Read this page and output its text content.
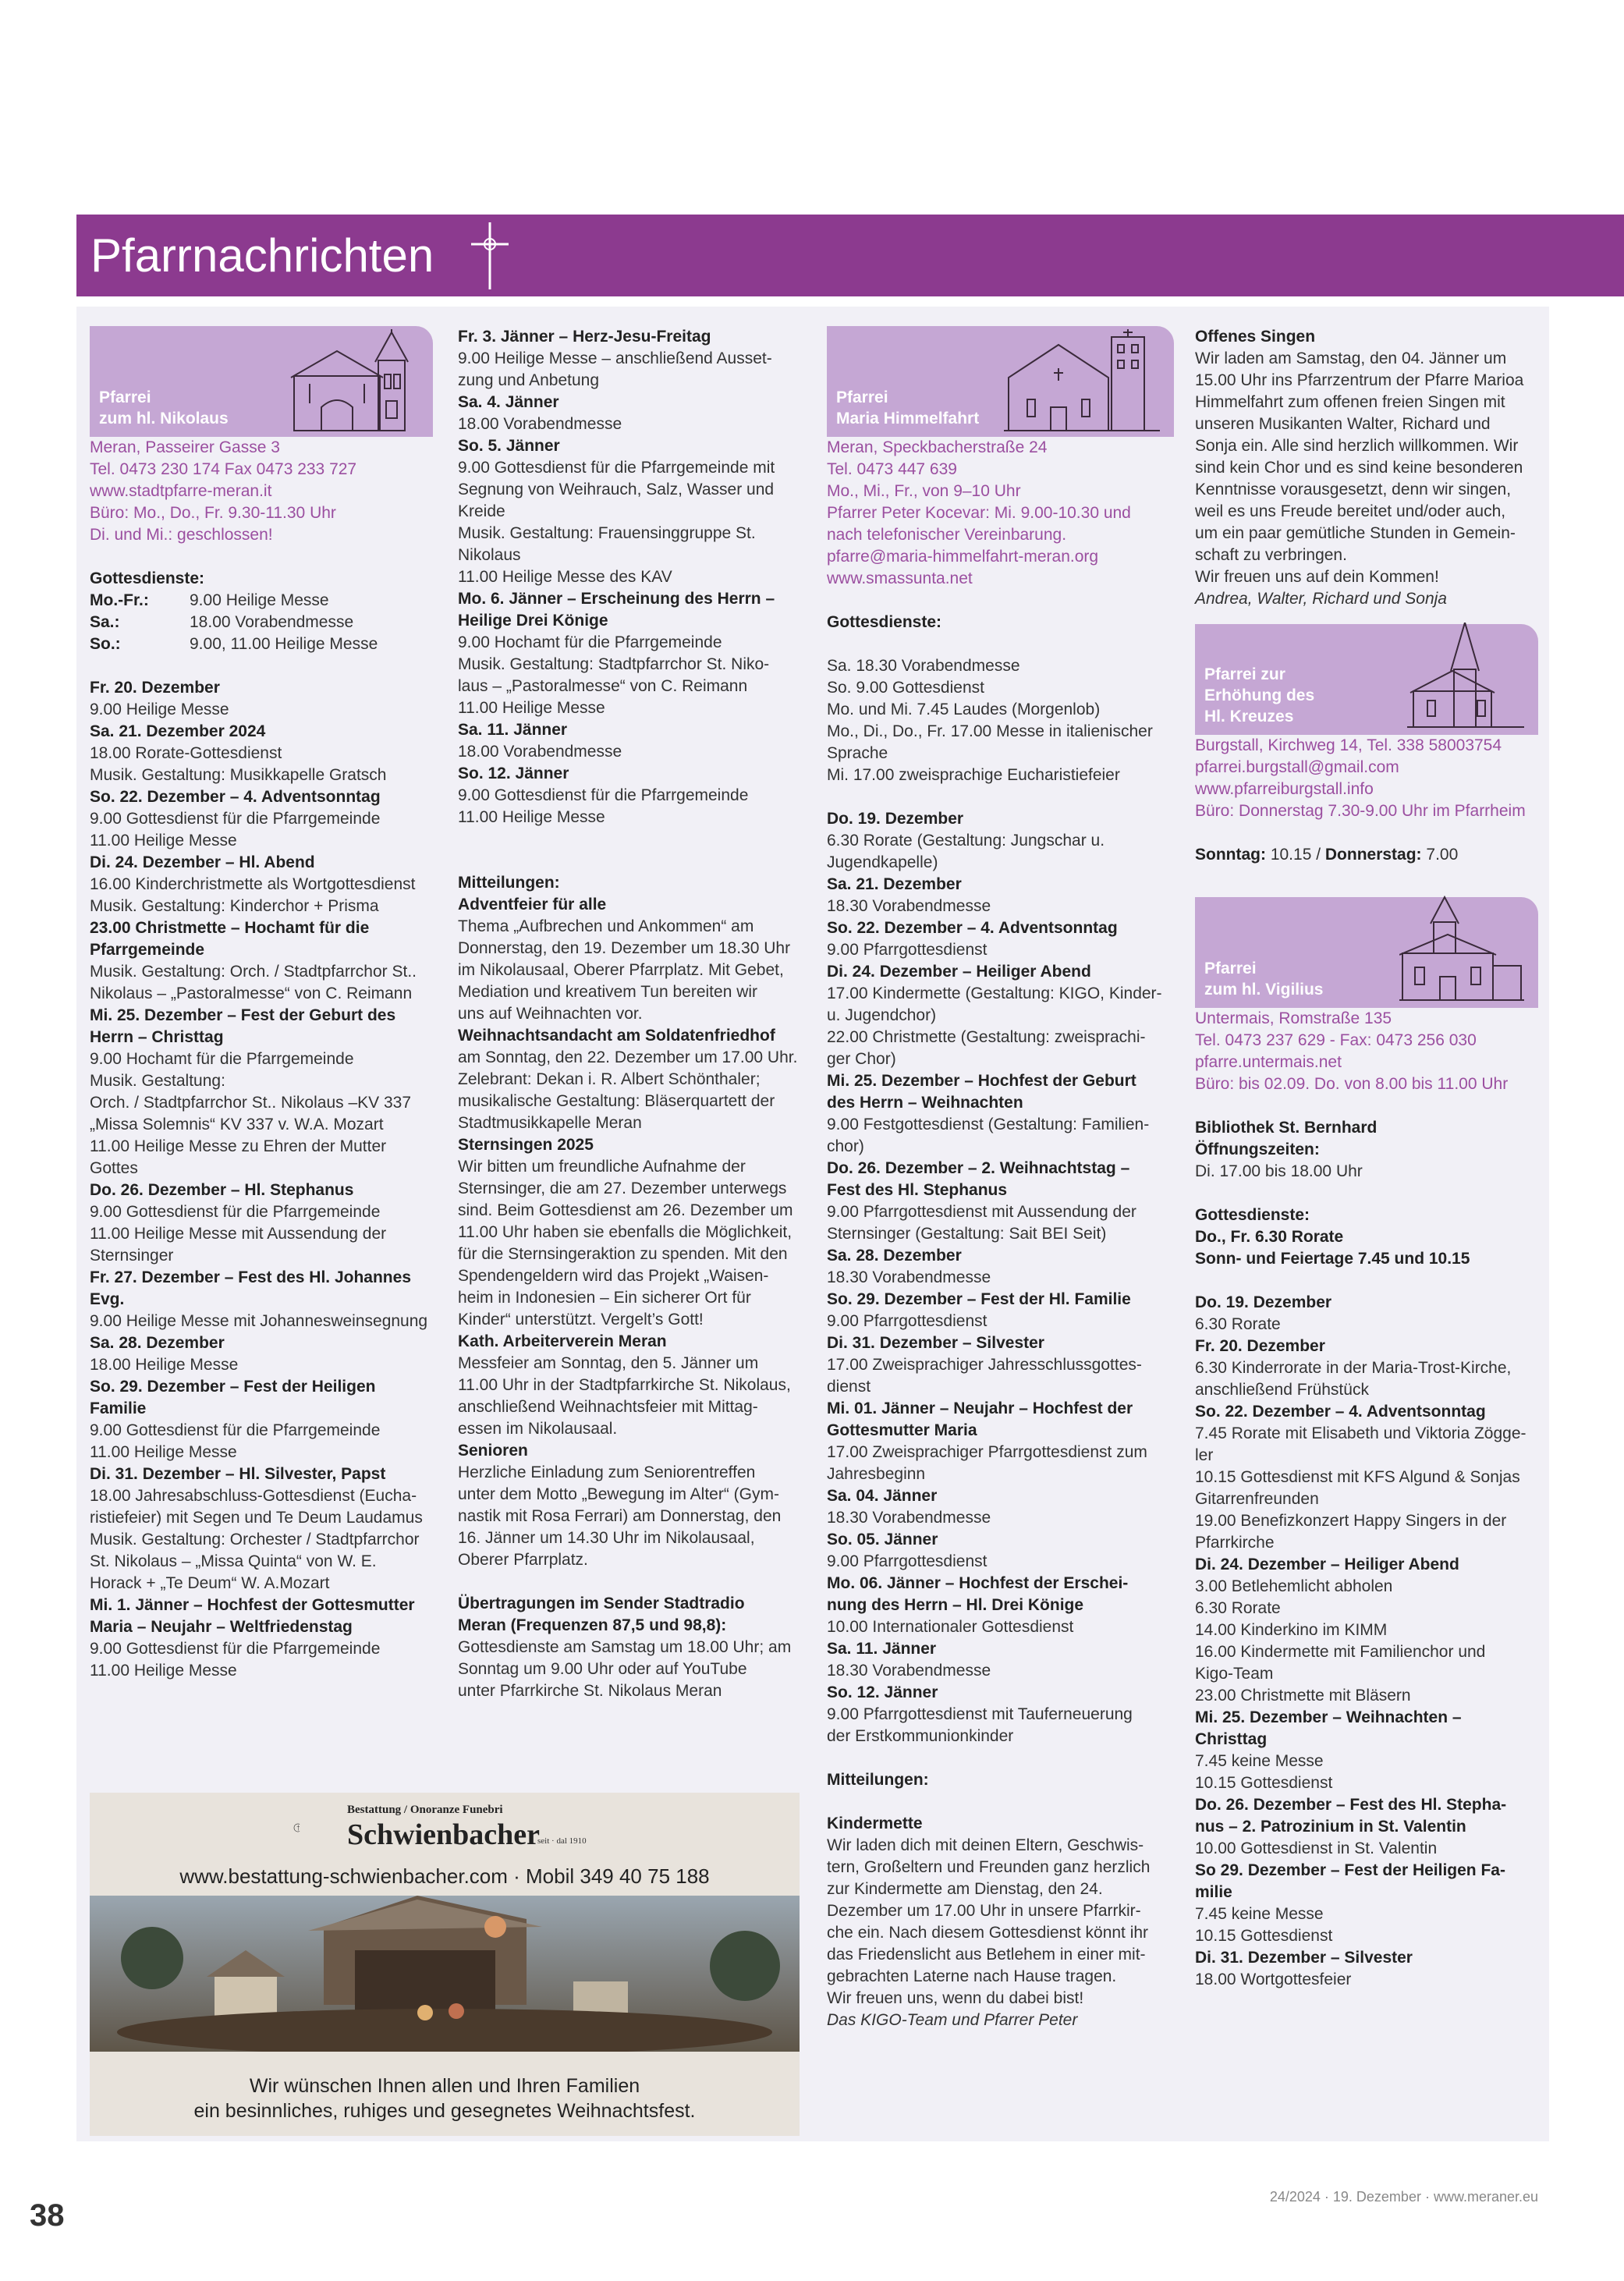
Pfarrnachrichten
Pfarrei
zum hl. Nikolaus
Meran, Passeirer Gasse 3
Tel. 0473 230 174 Fax 0473 233 727
www.stadtpfarre-meran.it
Büro: Mo., Do., Fr. 9.30-11.30 Uhr
Di. und Mi.: geschlossen!
Gottesdienste:
Mo.-Fr.:	9.00 Heilige Messe
Sa.:	18.00 Vorabendmesse
So.:	9.00, 11.00 Heilige Messe
Fr. 20. Dezember
9.00 Heilige Messe
Sa. 21. Dezember 2024
18.00 Rorate-Gottesdienst
Musik. Gestaltung: Musikkapelle Gratsch
So. 22. Dezember – 4. Adventsonntag
9.00 Gottesdienst für die Pfarrgemeinde
11.00 Heilige Messe
Di. 24. Dezember – Hl. Abend
16.00 Kinderchristmette als Wortgottesdienst
Musik. Gestaltung: Kinderchor + Prisma
23.00 Christmette – Hochamt für die
Pfarrgemeinde
Musik. Gestaltung: Orch. / Stadtpfarrchor St..
Nikolaus – „Pastoralmesse“ von C. Reimann
Mi. 25. Dezember – Fest der Geburt des
Herrn – Christtag
9.00 Hochamt für die Pfarrgemeinde
Musik. Gestaltung:
Orch. / Stadtpfarrchor St.. Nikolaus –KV 337
„Missa Solemnis“ KV 337 v. W.A. Mozart
11.00 Heilige Messe zu Ehren der Mutter
Gottes
Do. 26. Dezember – Hl. Stephanus
9.00 Gottesdienst für die Pfarrgemeinde
11.00 Heilige Messe mit Aussendung der
Sternsinger
Fr. 27. Dezember – Fest des Hl. Johannes
Evg.
9.00 Heilige Messe mit Johannesweinsegnung
Sa. 28. Dezember
18.00 Heilige Messe
So. 29. Dezember – Fest der Heiligen
Familie
9.00 Gottesdienst für die Pfarrgemeinde
11.00 Heilige Messe
Di. 31. Dezember – Hl. Silvester, Papst
18.00 Jahresabschluss-Gottesdienst (Eucha-
ristiefeier) mit Segen und Te Deum Laudamus
Musik. Gestaltung: Orchester / Stadtpfarrchor
St. Nikolaus – „Missa Quinta“ von W. E.
Horack + „Te Deum“ W. A.Mozart
Mi. 1. Jänner – Hochfest der Gottesmutter
Maria – Neujahr – Weltfriedenstag
9.00 Gottesdienst für die Pfarrgemeinde
11.00 Heilige Messe
Fr. 3. Jänner – Herz-Jesu-Freitag
9.00 Heilige Messe – anschließend Ausset-
zung und Anbetung
Sa. 4. Jänner
18.00 Vorabendmesse
So. 5. Jänner
9.00 Gottesdienst für die Pfarrgemeinde mit
Segnung von Weihrauch, Salz, Wasser und
Kreide
Musik. Gestaltung: Frauensinggruppe St.
Nikolaus
11.00 Heilige Messe des KAV
Mo. 6. Jänner – Erscheinung des Herrn –
Heilige Drei Könige
9.00 Hochamt für die Pfarrgemeinde
Musik. Gestaltung: Stadtpfarrchor St. Niko-
laus – „Pastoralmesse“ von C. Reimann
11.00 Heilige Messe
Sa. 11. Jänner
18.00 Vorabendmesse
So. 12. Jänner
9.00 Gottesdienst für die Pfarrgemeinde
11.00 Heilige Messe
Mitteilungen:
Adventfeier für alle
Thema „Aufbrechen und Ankommen“ am
Donnerstag, den 19. Dezember um 18.30 Uhr
im Nikolausaal, Oberer Pfarrplatz. Mit Gebet,
Mediation und kreativem Tun bereiten wir
uns auf Weihnachten vor.
Weihnachtsandacht am Soldatenfriedhof
am Sonntag, den 22. Dezember um 17.00 Uhr.
Zelebrant: Dekan i. R. Albert Schönthaler;
musikalische Gestaltung: Bläserquartett der
Stadtmusikkapelle Meran
Sternsingen 2025
Wir bitten um freundliche Aufnahme der
Sternsinger, die am 27. Dezember unterwegs
sind. Beim Gottesdienst am 26. Dezember um
11.00 Uhr haben sie ebenfalls die Möglichkeit,
für die Sternsingeraktion zu spenden. Mit den
Spendengeldern wird das Projekt „Waisen-
heim in Indonesien – Ein sicherer Ort für
Kinder“ unterstützt. Vergelt’s Gott!
Kath. Arbeiterverein Meran
Messfeier am Sonntag, den 5. Jänner um
11.00 Uhr in der Stadtpfarrkirche St. Nikolaus,
anschließend Weihnachtsfeier mit Mittag-
essen im Nikolausaal.
Senioren
Herzliche Einladung zum Seniorentreffen
unter dem Motto „Bewegung im Alter“ (Gym-
nastik mit Rosa Ferrari) am Donnerstag, den
16. Jänner um 14.30 Uhr im Nikolausaal,
Oberer Pfarrplatz.
Übertragungen im Sender Stadtradio
Meran (Frequenzen 87,5 und 98,8):
Gottesdienste am Samstag um 18.00 Uhr; am
Sonntag um 9.00 Uhr oder auf YouTube
unter Pfarrkirche St. Nikolaus Meran
Pfarrei
Maria Himmelfahrt
Meran, Speckbacherstraße 24
Tel. 0473 447 639
Mo., Mi., Fr., von 9–10 Uhr
Pfarrer Peter Kocevar: Mi. 9.00-10.30 und
nach telefonischer Vereinbarung.
pfarre@maria-himmelfahrt-meran.org
www.smassunta.net
Gottesdienste:
Sa. 18.30 Vorabendmesse
So. 9.00 Gottesdienst
Mo. und Mi. 7.45 Laudes (Morgenlob)
Mo., Di., Do., Fr. 17.00 Messe in italienischer
Sprache
Mi. 17.00 zweisprachige Eucharistiefeier
Do. 19. Dezember
6.30 Rorate (Gestaltung: Jungschar u.
Jugendkapelle)
Sa. 21. Dezember
18.30 Vorabendmesse
So. 22. Dezember – 4. Adventsonntag
9.00 Pfarrgottesdienst
Di. 24. Dezember – Heiliger Abend
17.00 Kindermette (Gestaltung: KIGO, Kinder-
u. Jugendchor)
22.00 Christmette (Gestaltung: zweisprachi-
ger Chor)
Mi. 25. Dezember – Hochfest der Geburt
des Herrn – Weihnachten
9.00 Festgottesdienst (Gestaltung: Familien-
chor)
Do. 26. Dezember – 2. Weihnachtstag –
Fest des Hl. Stephanus
9.00 Pfarrgottesdienst mit Aussendung der
Sternsinger (Gestaltung: Sait BEI Seit)
Sa. 28. Dezember
18.30 Vorabendmesse
So. 29. Dezember – Fest der Hl. Familie
9.00 Pfarrgottesdienst
Di. 31. Dezember – Silvester
17.00 Zweisprachiger Jahresschlussgottes-
dienst
Mi. 01. Jänner – Neujahr – Hochfest der
Gottesmutter Maria
17.00 Zweisprachiger Pfarrgottesdienst zum
Jahresbeginn
Sa. 04. Jänner
18.30 Vorabendmesse
So. 05. Jänner
9.00 Pfarrgottesdienst
Mo. 06. Jänner – Hochfest der Erschei-
nung des Herrn – Hl. Drei Könige
10.00 Internationaler Gottesdienst
Sa. 11. Jänner
18.30 Vorabendmesse
So. 12. Jänner
9.00 Pfarrgottesdienst mit Tauferneuerung
der Erstkommunionkinder
Mitteilungen:
Kindermette
Wir laden dich mit deinen Eltern, Geschwis-
tern, Großeltern und Freunden ganz herzlich
zur Kindermette am Dienstag, den 24.
Dezember um 17.00 Uhr in unsere Pfarrkir-
che ein. Nach diesem Gottesdienst könnt ihr
das Friedenslicht aus Betlehem in einer mit-
gebrachten Laterne nach Hause tragen.
Wir freuen uns, wenn du dabei bist!
Das KIGO-Team und Pfarrer Peter
Offenes Singen
Wir laden am Samstag, den 04. Jänner um
15.00 Uhr ins Pfarrzentrum der Pfarre Marioa
Himmelfahrt zum offenen freien Singen mit
unseren Musikanten Walter, Richard und
Sonja ein. Alle sind herzlich willkommen. Wir
sind kein Chor und es sind keine besonderen
Kenntnisse vorausgesetzt, denn wir singen,
weil es uns Freude bereitet und/oder auch,
um ein paar gemütliche Stunden in Gemein-
schaft zu verbringen.
Wir freuen uns auf dein Kommen!
Andrea, Walter, Richard und Sonja
Pfarrei zur
Erhöhung des
Hl. Kreuzes
Burgstall, Kirchweg 14, Tel. 338 58003754
pfarrei.burgstall@gmail.com
www.pfarreiburgstall.info
Büro: Donnerstag 7.30-9.00 Uhr im Pfarrheim
Sonntag: 10.15 / Donnerstag: 7.00
Pfarrei
zum hl. Vigilius
Untermais, Romstraße 135
Tel. 0473 237 629 - Fax: 0473 256 030
pfarre.untermais.net
Büro: bis 02.09. Do. von 8.00 bis 11.00 Uhr
Bibliothek St. Bernhard
Öffnungszeiten:
Di. 17.00 bis 18.00 Uhr
Gottesdienste:
Do., Fr. 6.30 Rorate
Sonn- und Feiertage 7.45 und 10.15
Do. 19. Dezember
6.30 Rorate
Fr. 20. Dezember
6.30 Kinderrorate in der Maria-Trost-Kirche,
anschließend Frühstück
So. 22. Dezember – 4. Adventsonntag
7.45 Rorate mit Elisabeth und Viktoria Zögge-
ler
10.15 Gottesdienst mit KFS Algund & Sonjas
Gitarrenfreunden
19.00 Benefizkonzert Happy Singers in der
Pfarrkirche
Di. 24. Dezember – Heiliger Abend
3.00 Betlehemlicht abholen
6.30 Rorate
14.00 Kinderkino im KIMM
16.00 Kindermette mit Familienchor und
Kigo-Team
23.00 Christmette mit Bläsern
Mi. 25. Dezember – Weihnachten –
Christtag
7.45 keine Messe
10.15 Gottesdienst
Do. 26. Dezember – Fest des Hl. Stepha-
nus – 2. Patrozinium in St. Valentin
10.00 Gottesdienst in St. Valentin
So 29. Dezember – Fest der Heiligen Fa-
milie
7.45 keine Messe
10.15 Gottesdienst
Di. 31. Dezember – Silvester
18.00 Wortgottesfeier
Bestattung / Onoranze Funebri
Schwienbacher
seit · dal 1910
www.bestattung-schwienbacher.com · Mobil 349 40 75 188
Wir wünschen Ihnen allen und Ihren Familien
ein besinnliches, ruhiges und gesegnetes Weihnachtsfest.
38
24/2024 · 19. Dezember · www.meraner.eu
